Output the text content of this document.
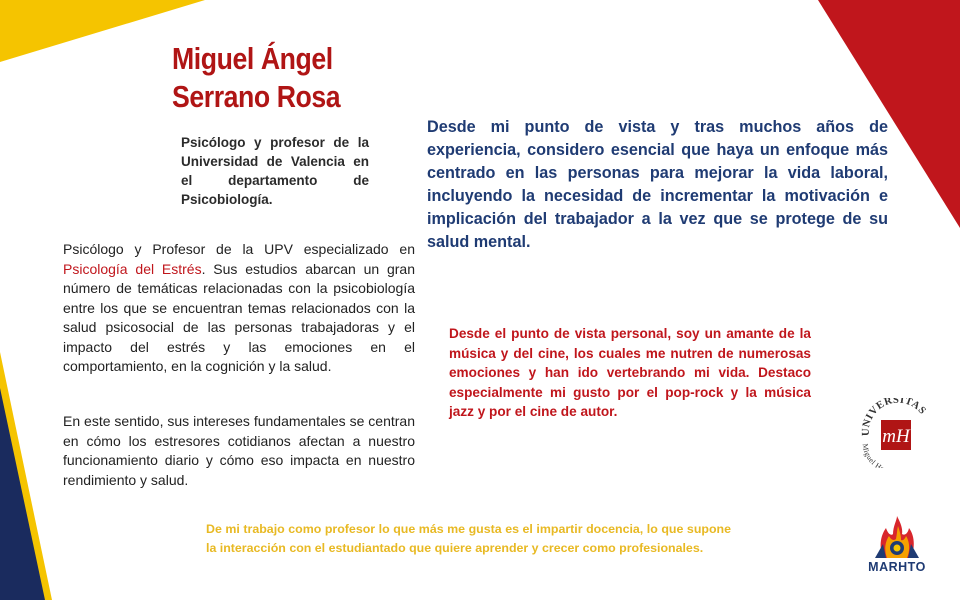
Miguel Ángel
Serrano Rosa
Psicólogo y profesor de la Universidad de Valencia en el departamento de Psicobiología.
Desde mi punto de vista y tras muchos años de experiencia, considero esencial que haya un enfoque más centrado en las personas para mejorar la vida laboral, incluyendo la necesidad de incrementar la motivación e implicación del trabajador a la vez que se protege de su salud mental.
Psicólogo y Profesor de la UPV especializado en Psicología del Estrés. Sus estudios abarcan un gran número de temáticas relacionadas con la psicobiología entre los que se encuentran temas relacionados con la salud psicosocial de las personas trabajadoras y el impacto del estrés y las emociones en el comportamiento, en la cognición y la salud.
En este sentido, sus intereses fundamentales se centran en cómo los estresores cotidianos afectan a nuestro funcionamiento diario y cómo eso impacta en nuestro rendimiento y salud.
Desde el punto de vista personal, soy un amante de la música y del cine, los cuales me nutren de numerosas emociones y han ido vertebrando mi vida. Destaco especialmente mi gusto por el pop-rock y la música jazz y por el cine de autor.
De mi trabajo como profesor lo que más me gusta es el impartir docencia, lo que supone la interacción con el estudiantado que quiere aprender y crecer como profesionales.
UNIVERSITAS
mH
Miguel H
MARHTO
